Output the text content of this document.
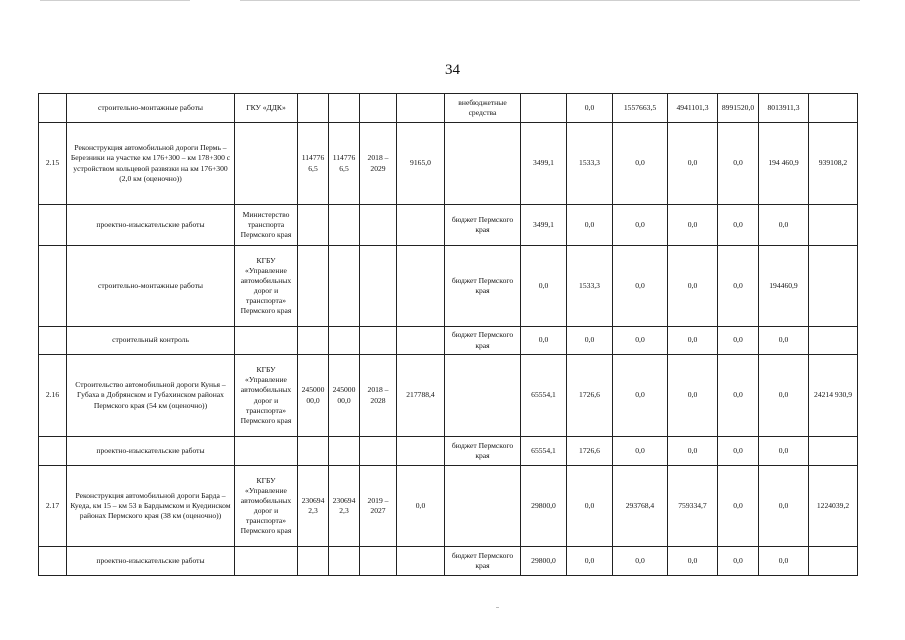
34
	строительно-монтажные работы	ГКУ «ДДК»					внебюджетные средства		0,0	1557663,5	4941101,3	8991520,0	8013911,3	
2.15	Реконструкция автомобильной дороги Пермь – Березники на участке км 176+300 – км 178+300 с устройством кольцевой развязки на км 176+300 (2,0 км (оценочно))		1147766,5	1147766,5	2018 – 2029	9165,0		3499,1	1533,3	0,0	0,0	0,0	194 460,9	939108,2
	проектно-изыскательские работы	Министерство транспорта Пермского края					бюджет Пермского края	3499,1	0,0	0,0	0,0	0,0	0,0	
	строительно-монтажные работы	КГБУ «Управление автомобильных дорог и транспорта» Пермского края					бюджет Пермского края	0,0	1533,3	0,0	0,0	0,0	194460,9	
	строительный контроль						бюджет Пермского края	0,0	0,0	0,0	0,0	0,0	0,0	
2.16	Строительство автомобильной дороги Кунья – Губаха в Добрянском и Губахинском районах Пермского края (54 км (оценочно))	КГБУ «Управление автомобильных дорог и транспорта» Пермского края	24500000,0	24500000,0	2018 – 2028	217788,4		65554,1	1726,6	0,0	0,0	0,0	0,0	24214 930,9
	проектно-изыскательские работы						бюджет Пермского края	65554,1	1726,6	0,0	0,0	0,0	0,0	
2.17	Реконструкция автомобильной дороги Барда – Куеда, км 15 – км 53 в Бардымском и Куединском районах Пермского края (38 км (оценочно))	КГБУ «Управление автомобильных дорог и транспорта» Пермского края	2306942,3	2306942,3	2019 – 2027	0,0		29800,0	0,0	293768,4	759334,7	0,0	0,0	1224039,2
	проектно-изыскательские работы						бюджет Пермского края	29800,0	0,0	0,0	0,0	0,0	0,0	
